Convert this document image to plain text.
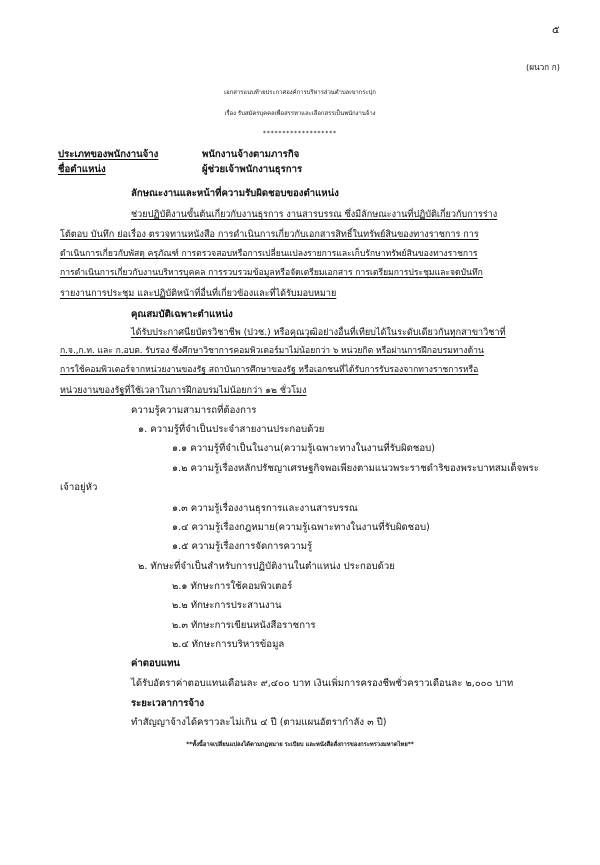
๕
(ผนวก ก)
เอกสารแนบท้ายประกาศองค์การบริหารส่วนตำบลเขากระปุก
เรื่อง รับสมัครบุคคลเพื่อสรรหาและเลือกสรรเป็นพนักงานจ้าง
*******************
ประเภทของพนักงานจ้าง	พนักงานจ้างตามภารกิจ
ชื่อตำแหน่ง	ผู้ช่วยเจ้าพนักงานธุรการ
ลักษณะงานและหน้าที่ความรับผิดชอบของตำแหน่ง
ช่วยปฏิบัติงานขั้นต้นเกี่ยวกับงานธุรการ งานสารบรรณ ซึ่งมีลักษณะงานที่ปฏิบัติเกี่ยวกับการร่าง
โต้ตอบ บันทึก ย่อเรื่อง ตรวจทานหนังสือ การดำเนินการเกี่ยวกับเอกสารสิทธิ์ในทรัพย์สินของทางราชการ การ
ดำเนินการเกี่ยวกับพัสดุ ครุภัณฑ์ การตรวจสอบหรือการเปลี่ยนแปลงรายการและเก็บรักษาทรัพย์สินของทางราชการ
การดำเนินการเกี่ยวกับงานบริหารบุคคล การรวบรวมข้อมูลหรือจัดเตรียมเอกสาร การเตรียมการประชุมและจดบันทึก
รายงานการประชุม และปฏิบัติหน้าที่อื่นที่เกี่ยวข้องและที่ได้รับมอบหมาย
คุณสมบัติเฉพาะตำแหน่ง
ได้รับประกาศนียบัตรวิชาชีพ (ปวช.) หรือคุณวุฒิอย่างอื่นที่เทียบได้ในระดับเดียวกันทุกสาขาวิชาที่
ก.จ.,ก.ท. และ ก.อบต. รับรอง ซึ่งศึกษาวิชาการคอมพิวเตอร์มาไม่น้อยกว่า ๖ หน่วยกิต หรือผ่านการฝึกอบรมทางด้าน
การใช้คอมพิวเตอร์จากหน่วยงานของรัฐ สถาบันการศึกษาของรัฐ หรือเอกชนที่ได้รับการรับรองจากทางราชการหรือ
หน่วยงานของรัฐที่ใช้เวลาในการฝึกอบรมไม่น้อยกว่า ๑๒ ชั่วโมง
ความรู้ความสามารถที่ต้องการ
๑. ความรู้ที่จำเป็นประจำสายงานประกอบด้วย
๑.๑ ความรู้ที่จำเป็นในงาน(ความรู้เฉพาะทางในงานที่รับผิดชอบ)
๑.๒ ความรู้เรื่องหลักปรัชญาเศรษฐกิจพอเพียงตามแนวพระราชดำริของพระบาทสมเด็จพระ
เจ้าอยู่หัว
๑.๓ ความรู้เรื่องงานธุรการและงานสารบรรณ
๑.๔ ความรู้เรื่องกฎหมาย(ความรู้เฉพาะทางในงานที่รับผิดชอบ)
๑.๕ ความรู้เรื่องการจัดการความรู้
๒. ทักษะที่จำเป็นสำหรับการปฏิบัติงานในตำแหน่ง ประกอบด้วย
๒.๑ ทักษะการใช้คอมพิวเตอร์
๒.๒ ทักษะการประสานงาน
๒.๓ ทักษะการเขียนหนังสือราชการ
๒.๔ ทักษะการบริหารข้อมูล
ค่าตอบแทน
ได้รับอัตราค่าตอบแทนเดือนละ ๙,๔๐๐ บาท เงินเพิ่มการครองชีพชั่วคราวเดือนละ ๒,๐๐๐ บาท
ระยะเวลาการจ้าง
ทำสัญญาจ้างได้คราวละไม่เกิน ๔ ปี (ตามแผนอัตรากำลัง ๓ ปี)
**ทั้งนี้อาจเปลี่ยนแปลงได้ตามกฎหมาย ระเบียบ และหนังสือสั่งการของกระทรวงมหาดไทย**
